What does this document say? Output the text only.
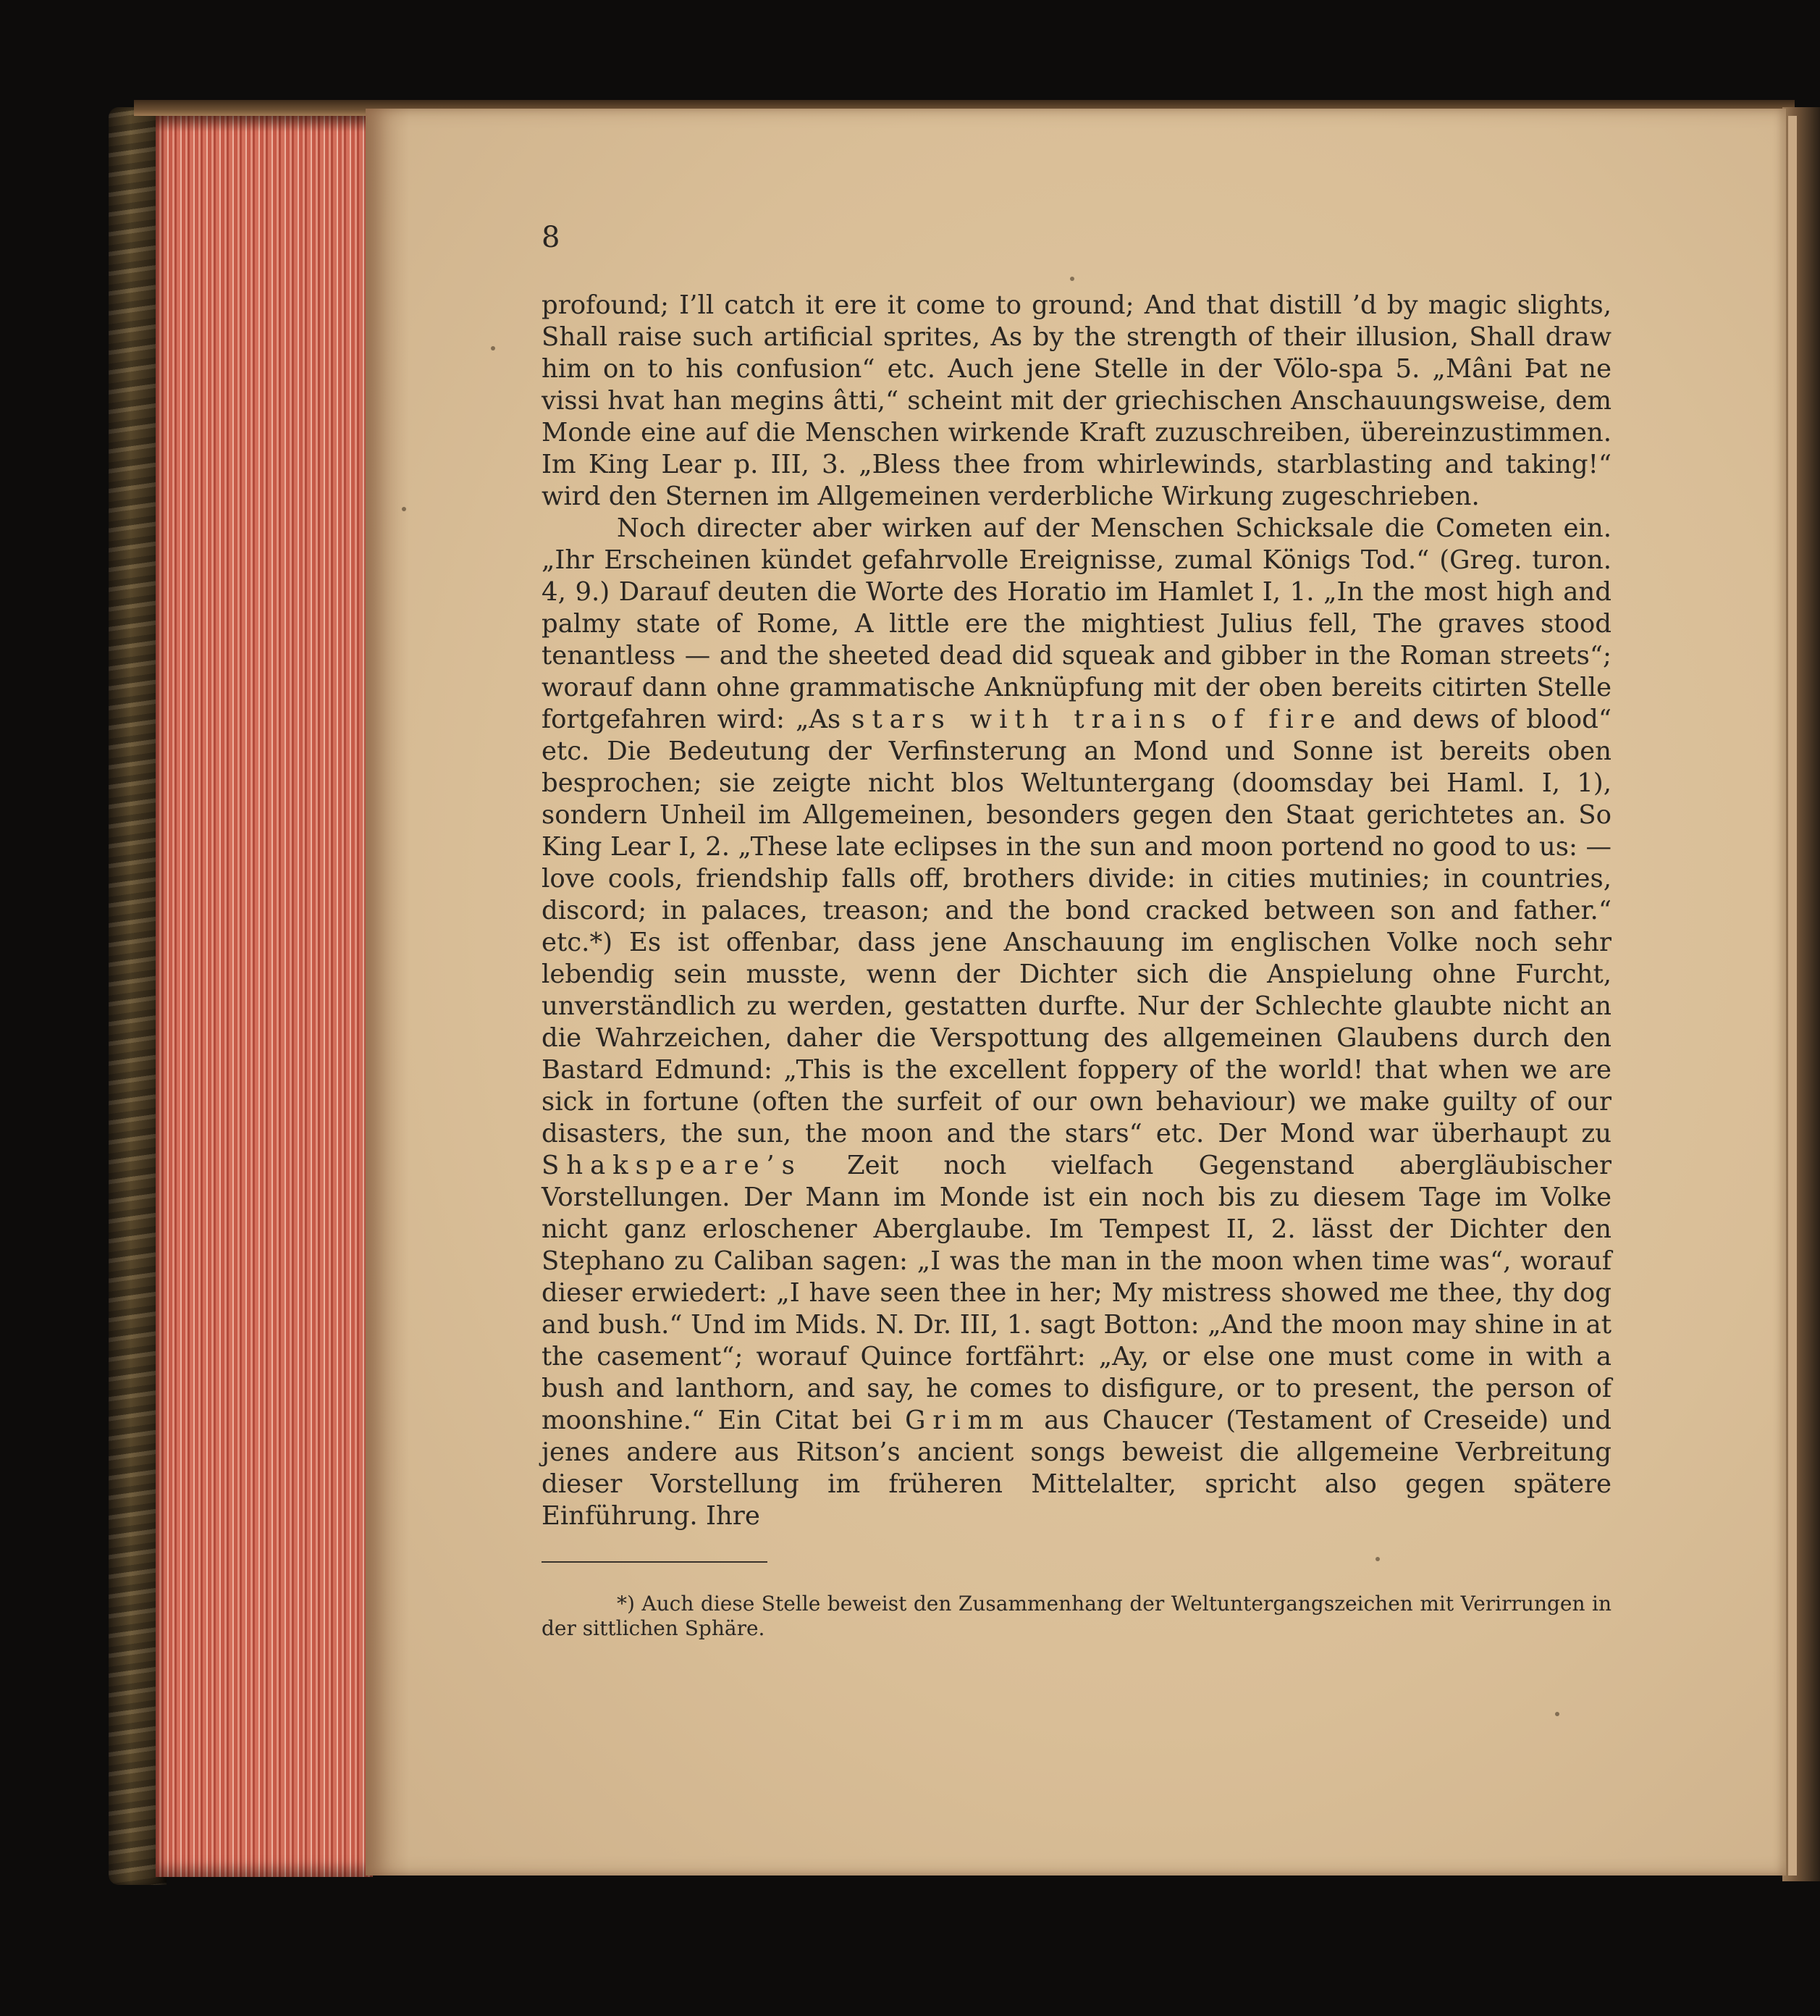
8

profound; I’ll catch it ere it come to ground; And that distill ’d by magic slights, Shall raise such artificial sprites, As by the strength of their illusion, Shall draw him on to his confusion“ etc. Auch jene Stelle in der Völo-spa 5. „Mâni Þat ne vissi hvat han megins âtti,“ scheint mit der griechischen Anschauungsweise, dem Monde eine auf die Menschen wirkende Kraft zuzuschreiben, übereinzustimmen. Im King Lear p. III, 3. „Bless thee from whirlewinds, starblasting and taking!“ wird den Sternen im Allgemeinen verderbliche Wirkung zugeschrieben.

Noch directer aber wirken auf der Menschen Schicksale die Cometen ein. „Ihr Erscheinen kündet gefahrvolle Ereignisse, zumal Königs Tod.“ (Greg. turon. 4, 9.) Darauf deuten die Worte des Horatio im Hamlet I, 1. „In the most high and palmy state of Rome, A little ere the mightiest Julius fell, The graves stood tenantless — and the sheeted dead did squeak and gibber in the Roman streets“; worauf dann ohne grammatische Anknüpfung mit der oben bereits citirten Stelle fortgefahren wird: „As stars with trains of fire and dews of blood“ etc. Die Bedeutung der Verfinsterung an Mond und Sonne ist bereits oben besprochen; sie zeigte nicht blos Weltuntergang (doomsday bei Haml. I, 1), sondern Unheil im Allgemeinen, besonders gegen den Staat gerichtetes an. So King Lear I, 2. „These late eclipses in the sun and moon portend no good to us: — love cools, friendship falls off, brothers divide: in cities mutinies; in countries, discord; in palaces, treason; and the bond cracked between son and father.“ etc.*) Es ist offenbar, dass jene Anschauung im englischen Volke noch sehr lebendig sein musste, wenn der Dichter sich die Anspielung ohne Furcht, unverständlich zu werden, gestatten durfte. Nur der Schlechte glaubte nicht an die Wahrzeichen, daher die Verspottung des allgemeinen Glaubens durch den Bastard Edmund: „This is the excellent foppery of the world! that when we are sick in fortune (often the surfeit of our own behaviour) we make guilty of our disasters, the sun, the moon and the stars“ etc. Der Mond war überhaupt zu Shakspeare’s Zeit noch vielfach Gegenstand abergläubischer Vorstellungen. Der Mann im Monde ist ein noch bis zu diesem Tage im Volke nicht ganz erloschener Aberglaube. Im Tempest II, 2. lässt der Dichter den Stephano zu Caliban sagen: „I was the man in the moon when time was“, worauf dieser erwiedert: „I have seen thee in her; My mistress showed me thee, thy dog and bush.“ Und im Mids. N. Dr. III, 1. sagt Botton: „And the moon may shine in at the casement“; worauf Quince fortfährt: „Ay, or else one must come in with a bush and lanthorn, and say, he comes to disfigure, or to present, the person of moonshine.“ Ein Citat bei Grimm aus Chaucer (Testament of Creseide) und jenes andere aus Ritson’s ancient songs beweist die allgemeine Verbreitung dieser Vorstellung im früheren Mittelalter, spricht also gegen spätere Einführung. Ihre

*) Auch diese Stelle beweist den Zusammenhang der Weltuntergangszeichen mit Verirrungen in der sittlichen Sphäre.
